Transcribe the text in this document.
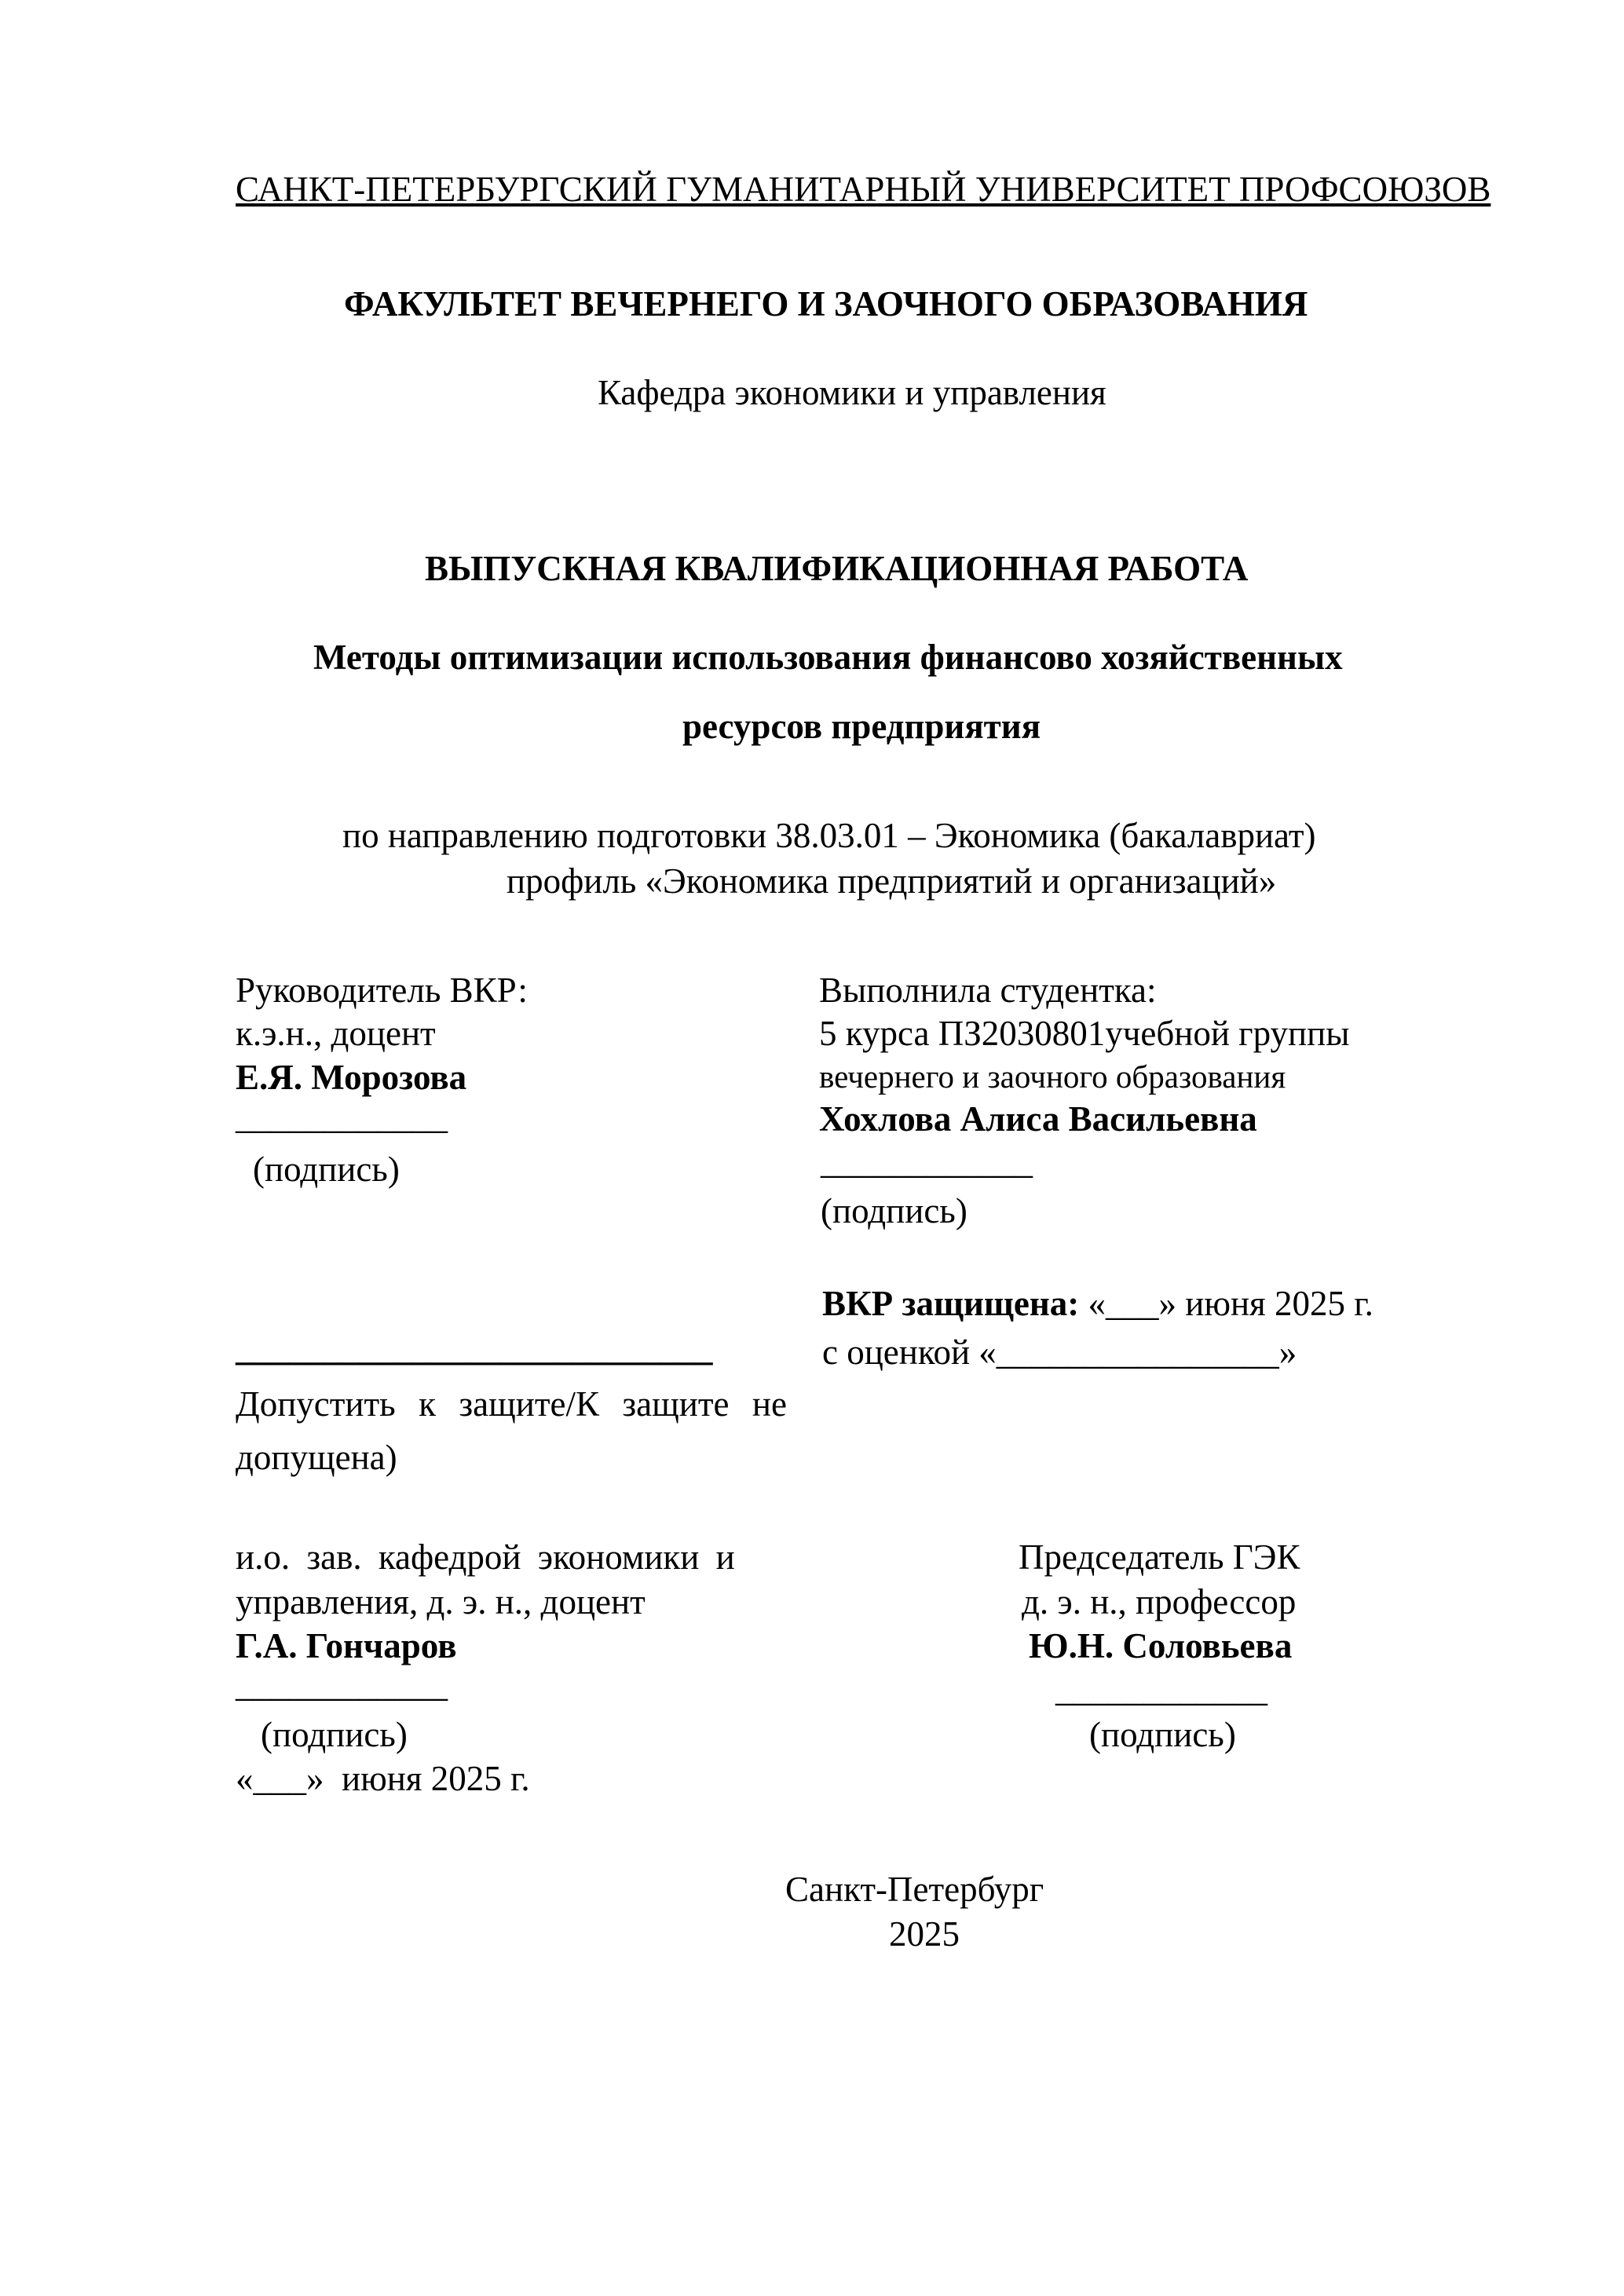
САНКТ-ПЕТЕРБУРГСКИЙ ГУМАНИТАРНЫЙ УНИВЕРСИТЕТ ПРОФСОЮЗОВ
ФАКУЛЬТЕТ ВЕЧЕРНЕГО И ЗАОЧНОГО ОБРАЗОВАНИЯ
Кафедра экономики и управления
ВЫПУСКНАЯ КВАЛИФИКАЦИОННАЯ РАБОТА
Методы оптимизации использования финансово хозяйственных
ресурсов предприятия
по направлению подготовки 38.03.01 – Экономика (бакалавриат)
профиль «Экономика предприятий и организаций»
Руководитель ВКР:
к.э.н., доцент
Е.Я. Морозова
____________
(подпись)
Выполнила студентка:
5 курса ПЗ2030801учебной группы
вечернего и заочного образования
Хохлова Алиса Васильевна
____________
(подпись)
ВКР защищена: «___» июня 2025 г.
с оценкой «________________»
___________________________
Допустить к защите/К защите не
допущена)
и.о. зав. кафедрой экономики и
управления, д. э. н., доцент
Г.А. Гончаров
____________
(подпись)
«___»  июня 2025 г.
Председатель ГЭК
д. э. н., профессор
Ю.Н. Соловьева
____________
(подпись)
Санкт-Петербург
2025
